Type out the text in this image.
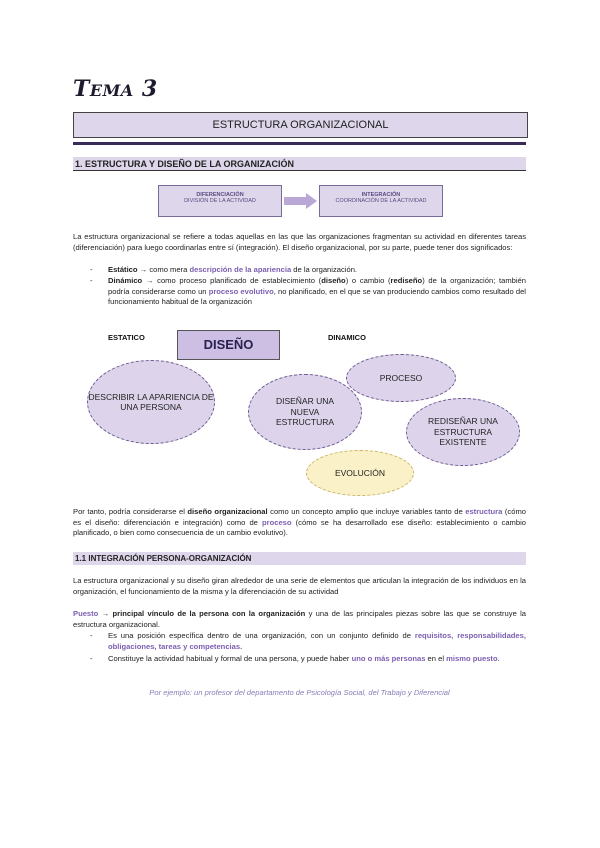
TEMA 3
ESTRUCTURA ORGANIZACIONAL
1. ESTRUCTURA Y DISEÑO DE LA ORGANIZACIÓN
DIFERENCIACIÓN
DIVISIÓN DE LA ACTIVIDAD
INTEGRACIÓN
COORDINACIÓN DE LA ACTIVIDAD
La estructura organizacional se refiere a todas aquellas en las que las organizaciones fragmentan su actividad en diferentes tareas (diferenciación) para luego coordinarlas entre sí (integración). El diseño organizacional, por su parte, puede tener dos significados:
- Estático → como mera descripción de la apariencia de la organización.
- Dinámico → como proceso planificado de establecimiento (diseño) o cambio (rediseño) de la organización; también podría considerarse como un proceso evolutivo, no planificado, en el que se van produciendo cambios como resultado del funcionamiento habitual de la organización
ESTATICO	DINAMICO
DISEÑO
DESCRIBIR LA APARIENCIA DE UNA PERSONA
PROCESO
DISEÑAR UNA NUEVA ESTRUCTURA	REDISEÑAR UNA ESTRUCTURA EXISTENTE
EVOLUCIÓN
Por tanto, podría considerarse el diseño organizacional como un concepto amplio que incluye variables tanto de estructura (cómo es el diseño: diferenciación e integración) como de proceso (cómo se ha desarrollado ese diseño: establecimiento o cambio planificado, o bien como consecuencia de un cambio evolutivo).
1.1 INTEGRACIÓN PERSONA-ORGANIZACIÓN
La estructura organizacional y su diseño giran alrededor de una serie de elementos que articulan la integración de los individuos en la organización, el funcionamiento de la misma y la diferenciación de su actividad
Puesto → principal vínculo de la persona con la organización y una de las principales piezas sobre las que se construye la estructura organizacional.
- Es una posición específica dentro de una organización, con un conjunto definido de requisitos, responsabilidades, obligaciones, tareas y competencias.
- Constituye la actividad habitual y formal de una persona, y puede haber uno o más personas en el mismo puesto.
Por ejemplo: un profesor del departamento de Psicología Social, del Trabajo y Diferencial
